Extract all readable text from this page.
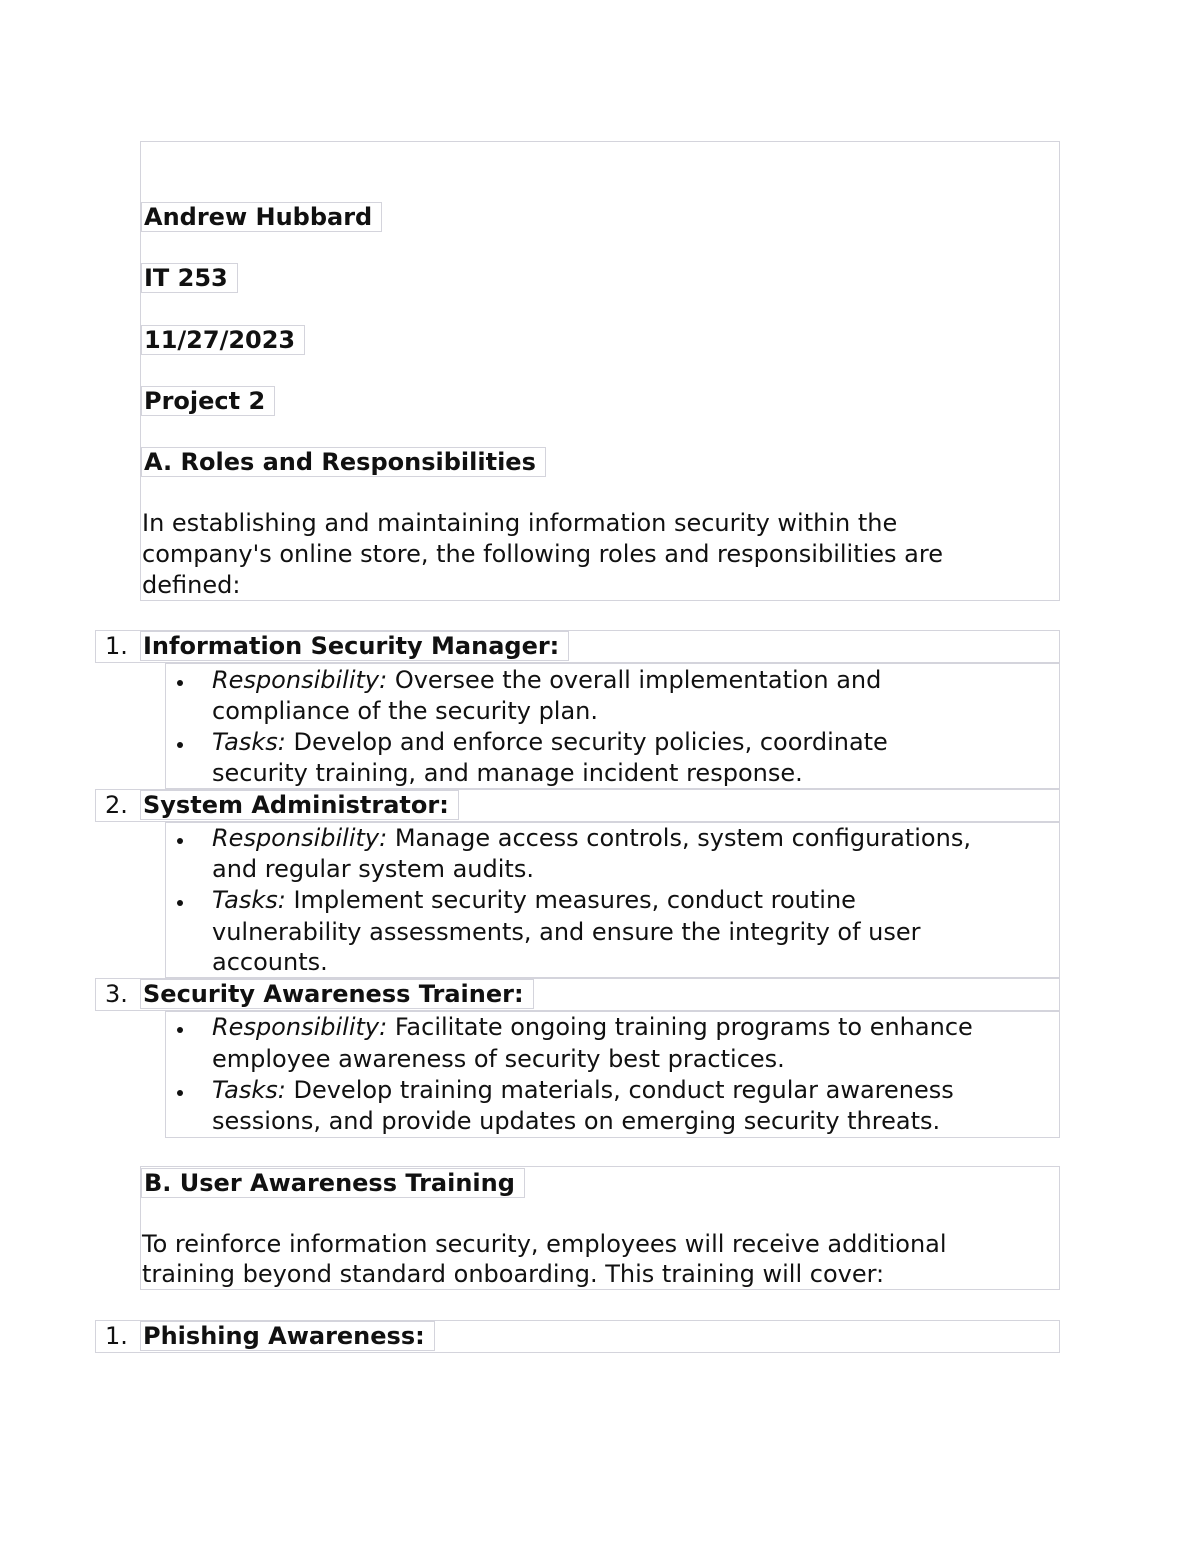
Andrew Hubbard
IT 253
11/27/2023
Project 2
A. Roles and Responsibilities
In establishing and maintaining information security within the
company's online store, the following roles and responsibilities are
defined:
1. Information Security Manager:
Responsibility: Oversee the overall implementation and
compliance of the security plan.
Tasks: Develop and enforce security policies, coordinate
security training, and manage incident response.
2. System Administrator:
Responsibility: Manage access controls, system configurations,
and regular system audits.
Tasks: Implement security measures, conduct routine
vulnerability assessments, and ensure the integrity of user
accounts.
3. Security Awareness Trainer:
Responsibility: Facilitate ongoing training programs to enhance
employee awareness of security best practices.
Tasks: Develop training materials, conduct regular awareness
sessions, and provide updates on emerging security threats.
B. User Awareness Training
To reinforce information security, employees will receive additional
training beyond standard onboarding. This training will cover:
1. Phishing Awareness:
